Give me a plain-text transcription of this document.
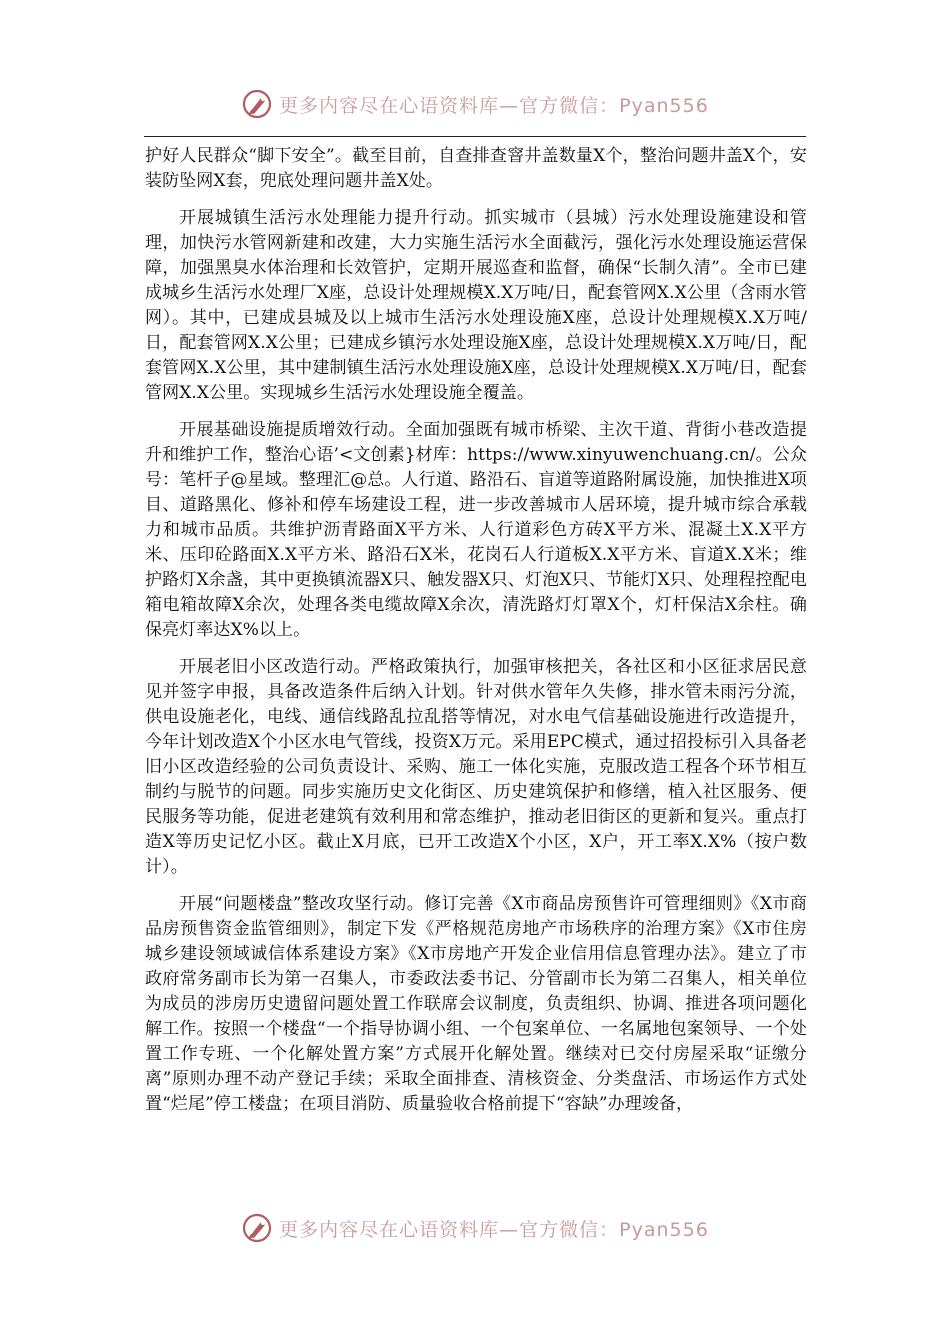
更多内容尽在心语资料库—官方微信：Pyan556

护好人民群众“脚下安全”。截至目前，自查排查窨井盖数量X个，整治问题井盖X个，安装防坠网X套，兜底处理问题井盖X处。

开展城镇生活污水处理能力提升行动。抓实城市（县城）污水处理设施建设和管理，加快污水管网新建和改建，大力实施生活污水全面截污，强化污水处理设施运营保障，加强黑臭水体治理和长效管护，定期开展巡查和监督，确保“长制久清”。全市已建成城乡生活污水处理厂X座，总设计处理规模X.X万吨/日，配套管网X.X公里（含雨水管网）。其中，已建成县城及以上城市生活污水处理设施X座，总设计处理规模X.X万吨/日，配套管网X.X公里；已建成乡镇污水处理设施X座，总设计处理规模X.X万吨/日，配套管网X.X公里，其中建制镇生活污水处理设施X座，总设计处理规模X.X万吨/日，配套管网X.X公里。实现城乡生活污水处理设施全覆盖。

开展基础设施提质增效行动。全面加强既有城市桥梁、主次干道、背街小巷改造提升和维护工作，整治心语’<文创素}材库：https://www.xinyuwenchuang.cn/。公众号：笔杆子@星域。整理汇@总。人行道、路沿石、盲道等道路附属设施，加快推进X项目、道路黑化、修补和停车场建设工程，进一步改善城市人居环境，提升城市综合承载力和城市品质。共维护沥青路面X平方米、人行道彩色方砖X平方米、混凝土X.X平方米、压印砼路面X.X平方米、路沿石X米，花岗石人行道板X.X平方米、盲道X.X米；维护路灯X余盏，其中更换镇流器X只、触发器X只、灯泡X只、节能灯X只、处理程控配电箱电箱故障X余次，处理各类电缆故障X余次，清洗路灯灯罩X个，灯杆保洁X余柱。确保亮灯率达X%以上。

开展老旧小区改造行动。严格政策执行，加强审核把关，各社区和小区征求居民意见并签字申报，具备改造条件后纳入计划。针对供水管年久失修，排水管未雨污分流，供电设施老化，电线、通信线路乱拉乱搭等情况，对水电气信基础设施进行改造提升，今年计划改造X个小区水电气管线，投资X万元。采用EPC模式，通过招投标引入具备老旧小区改造经验的公司负责设计、采购、施工一体化实施，克服改造工程各个环节相互制约与脱节的问题。同步实施历史文化街区、历史建筑保护和修缮，植入社区服务、便民服务等功能，促进老建筑有效利用和常态维护，推动老旧街区的更新和复兴。重点打造X等历史记忆小区。截止X月底，已开工改造X个小区，X户，开工率X.X%（按户数计）。

开展“问题楼盘”整改攻坚行动。修订完善《X市商品房预售许可管理细则》《X市商品房预售资金监管细则》，制定下发《严格规范房地产市场秩序的治理方案》《X市住房城乡建设领域诚信体系建设方案》《X市房地产开发企业信用信息管理办法》。建立了市政府常务副市长为第一召集人，市委政法委书记、分管副市长为第二召集人，相关单位为成员的涉房历史遗留问题处置工作联席会议制度，负责组织、协调、推进各项问题化解工作。按照一个楼盘“一个指导协调小组、一个包案单位、一名属地包案领导、一个处置工作专班、一个化解处置方案”方式展开化解处置。继续对已交付房屋采取“证缴分离”原则办理不动产登记手续；采取全面排查、清核资金、分类盘活、市场运作方式处置“烂尾”停工楼盘；在项目消防、质量验收合格前提下“容缺”办理竣备，

更多内容尽在心语资料库—官方微信：Pyan556
